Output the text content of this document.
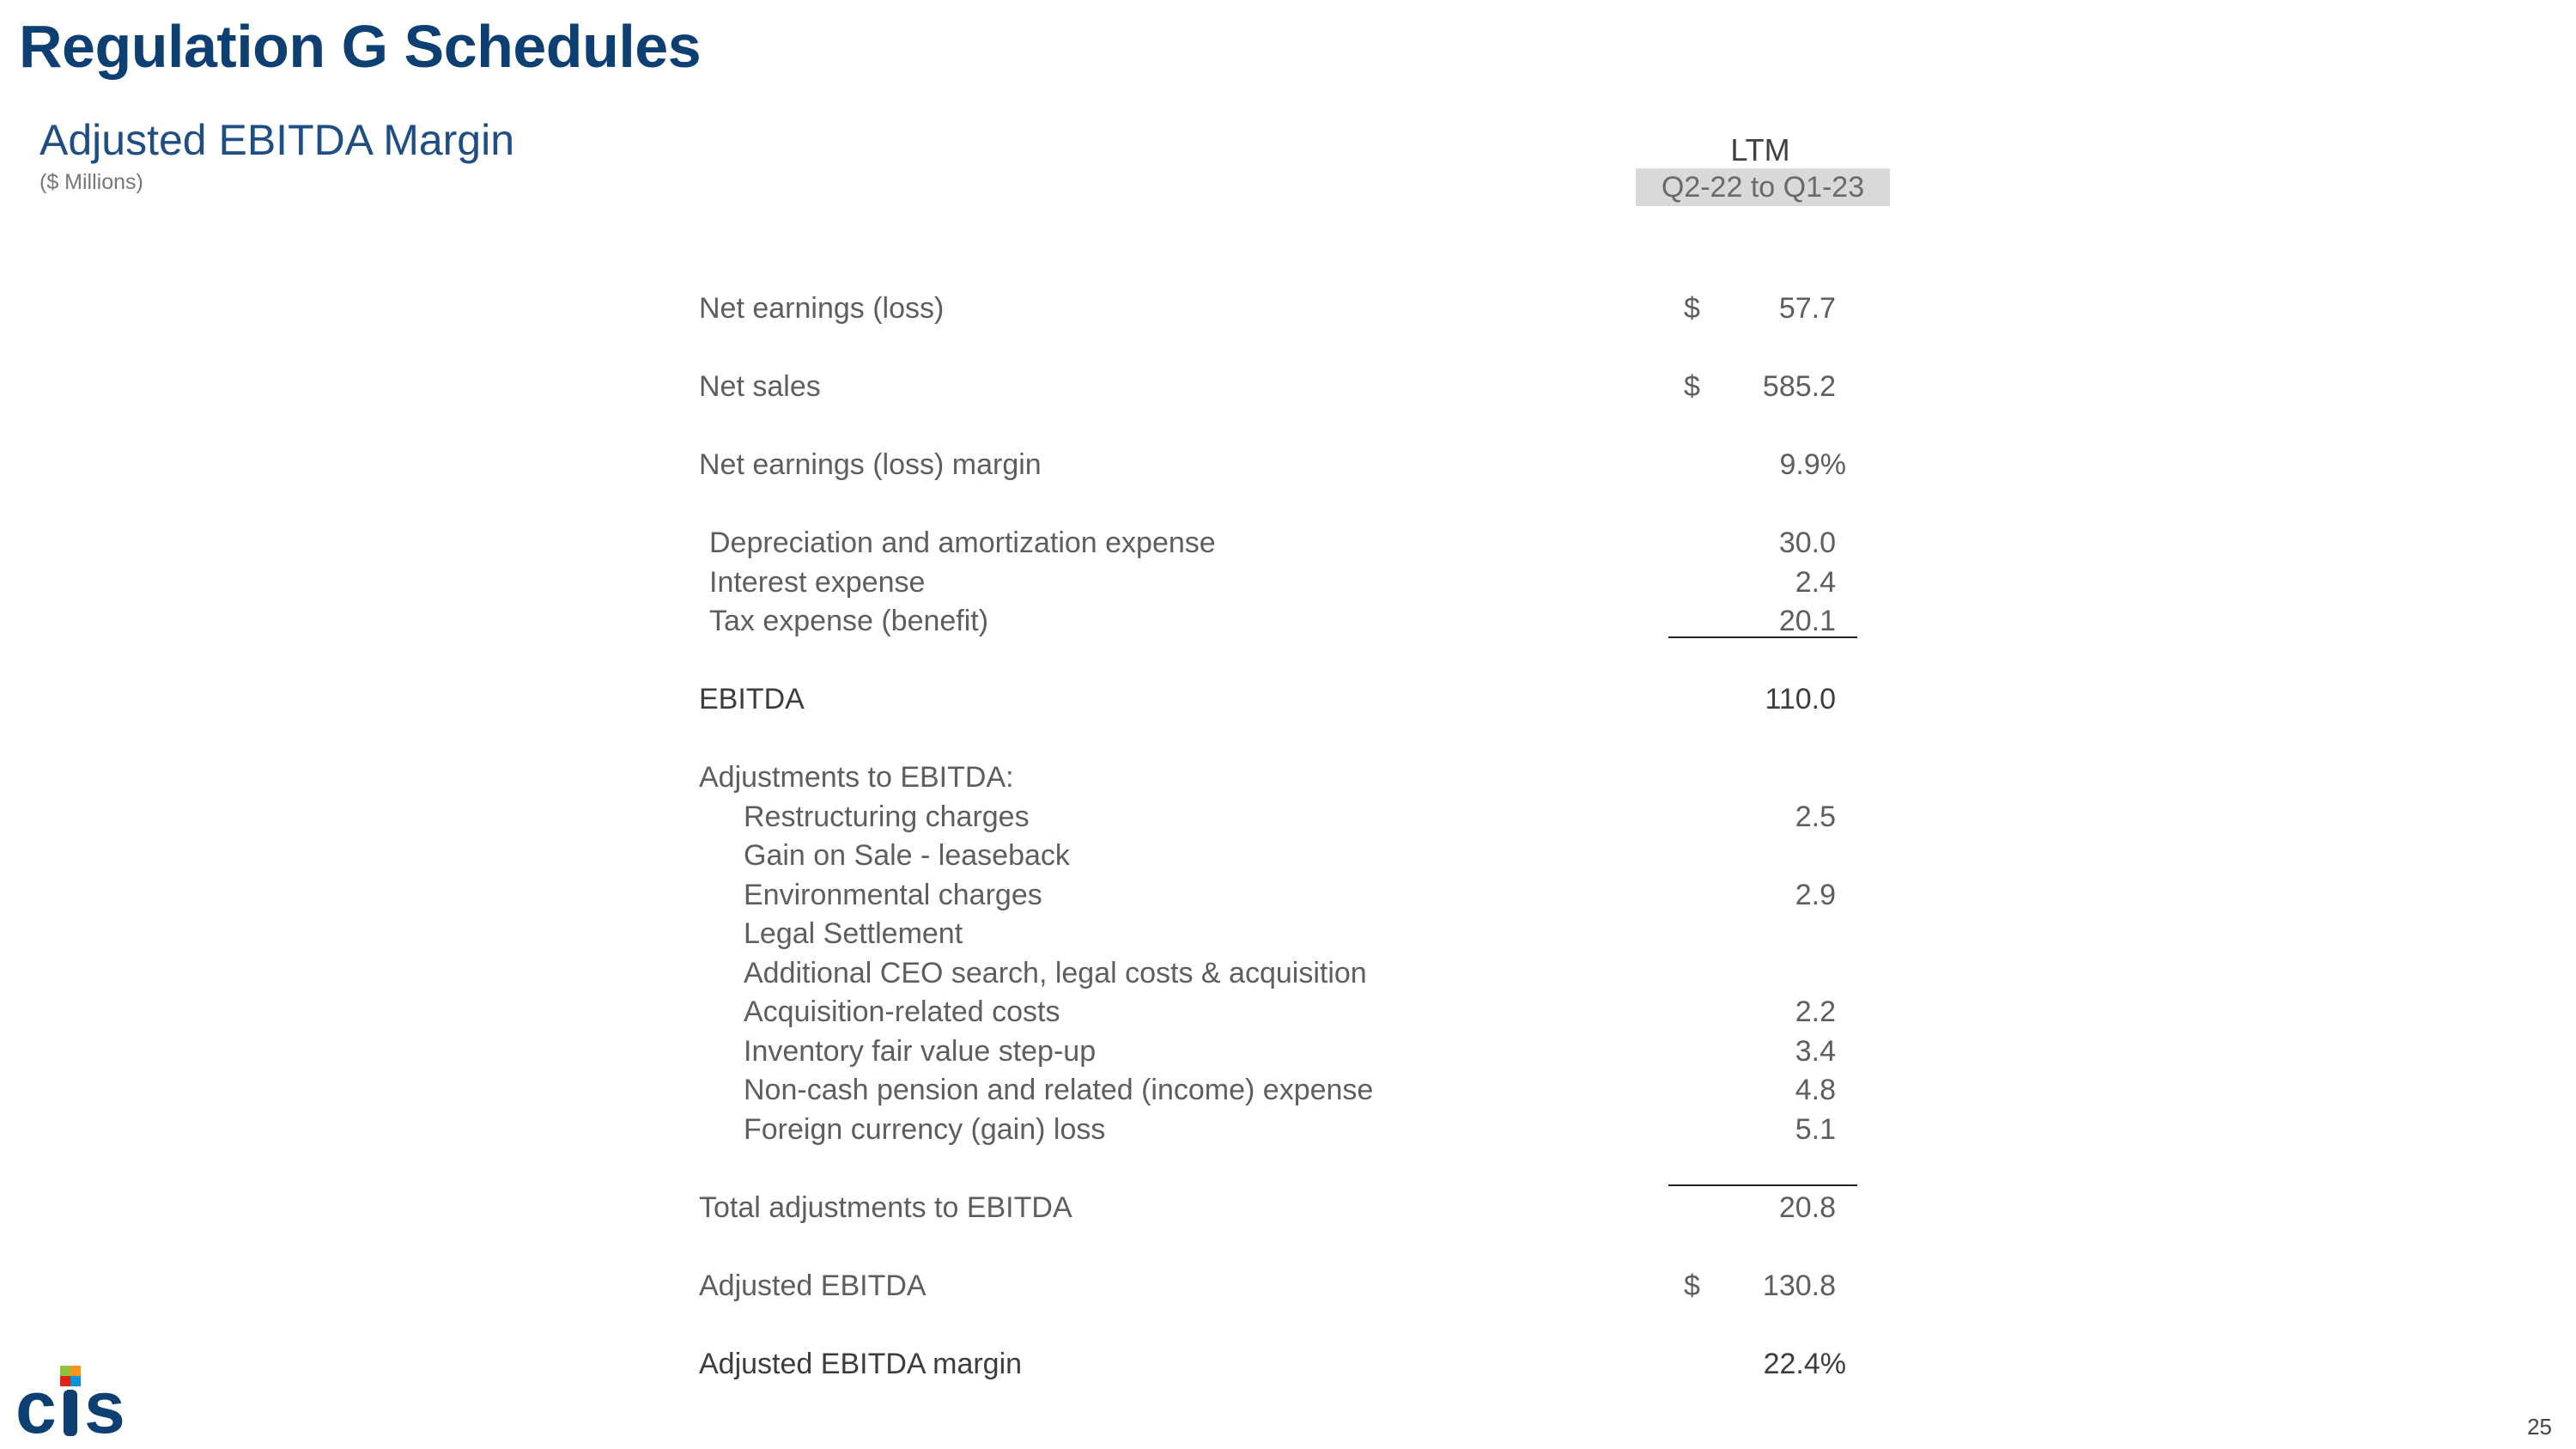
Regulation G Schedules
Adjusted EBITDA Margin
($ Millions)
LTM
Q2-22 to Q1-23
Net earnings (loss)	$	57.7
Net sales	$	585.2
Net earnings (loss) margin	9.9%
Depreciation and amortization expense	30.0
Interest expense	2.4
Tax expense (benefit)	20.1
EBITDA	110.0
Adjustments to EBITDA:
Restructuring charges	2.5
Gain on Sale - leaseback
Environmental charges	2.9
Legal Settlement
Additional CEO search, legal costs & acquisition
Acquisition-related costs	2.2
Inventory fair value step-up	3.4
Non-cash pension and related (income) expense	4.8
Foreign currency (gain) loss	5.1
Total adjustments to EBITDA	20.8
Adjusted EBITDA	$	130.8
Adjusted EBITDA margin	22.4%
c s	25
